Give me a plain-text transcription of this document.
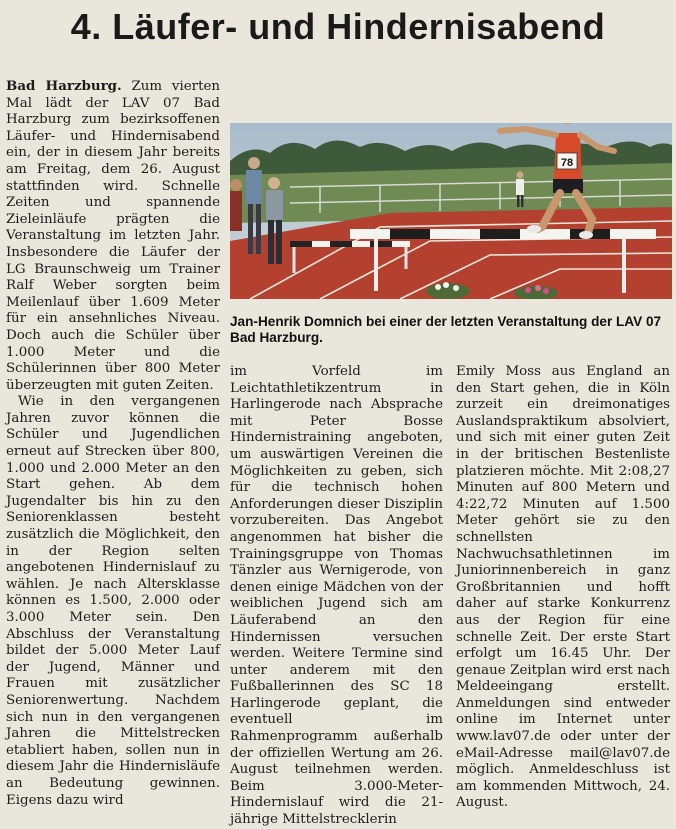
4. Läufer- und Hindernisabend

Bad Harzburg. Zum vierten Mal lädt der LAV 07 Bad Harzburg zum bezirksoffenen Läufer- und Hindernisabend ein, der in diesem Jahr bereits am Freitag, dem 26. August stattfinden wird. Schnelle Zeiten und spannende Zieleinläufe prägten die Veranstaltung im letzten Jahr. Insbesondere die Läufer der LG Braunschweig um Trainer Ralf Weber sorgten beim Meilenlauf über 1.609 Meter für ein ansehnliches Niveau. Doch auch die Schüler über 1.000 Meter und die Schülerinnen über 800 Meter überzeugten mit guten Zeiten.

Wie in den vergangenen Jahren zuvor können die Schüler und Jugendlichen erneut auf Strecken über 800, 1.000 und 2.000 Meter an den Start gehen. Ab dem Jugendalter bis hin zu den Seniorenklassen besteht zusätzlich die Möglichkeit, den in der Region selten angebotenen Hindernislauf zu wählen. Je nach Altersklasse können es 1.500, 2.000 oder 3.000 Meter sein. Den Abschluss der Veranstaltung bildet der 5.000 Meter Lauf der Jugend, Männer und Frauen mit zusätzlicher Seniorenwertung. Nachdem sich nun in den vergangenen Jahren die Mittelstrecken etabliert haben, sollen nun in diesem Jahr die Hindernisläufe an Bedeutung gewinnen. Eigens dazu wird

78
Jan-Henrik Domnich bei einer der letzten Veranstaltung der LAV 07 Bad Harzburg.

im Vorfeld im Leichtathletikzentrum in Harlingerode nach Absprache mit Peter Bosse Hindernistraining angeboten, um auswärtigen Vereinen die Möglichkeiten zu geben, sich für die technisch hohen Anforderungen dieser Disziplin vorzubereiten. Das Angebot angenommen hat bisher die Trainingsgruppe von Thomas Tänzler aus Wernigerode, von denen einige Mädchen von der weiblichen Jugend sich am Läuferabend an den Hindernissen versuchen werden. Weitere Termine sind unter anderem mit den Fußballerinnen des SC 18 Harlingerode geplant, die eventuell im Rahmenprogramm außerhalb der offiziellen Wertung am 26. August teilnehmen werden. Beim 3.000-Meter-Hindernislauf wird die 21-jährige Mittelstrecklerin

Emily Moss aus England an den Start gehen, die in Köln zurzeit ein dreimonatiges Auslandspraktikum absolviert, und sich mit einer guten Zeit in der britischen Bestenliste platzieren möchte. Mit 2:08,27 Minuten auf 800 Metern und 4:22,72 Minuten auf 1.500 Meter gehört sie zu den schnellsten Nachwuchsathletinnen im Juniorinnenbereich in ganz Großbritannien und hofft daher auf starke Konkurrenz aus der Region für eine schnelle Zeit. Der erste Start erfolgt um 16.45 Uhr. Der genaue Zeitplan wird erst nach Meldeeingang erstellt. Anmeldungen sind entweder online im Internet unter www.lav07.de oder unter der eMail-Adresse mail@lav07.de möglich. Anmeldeschluss ist am kommenden Mittwoch, 24. August.
